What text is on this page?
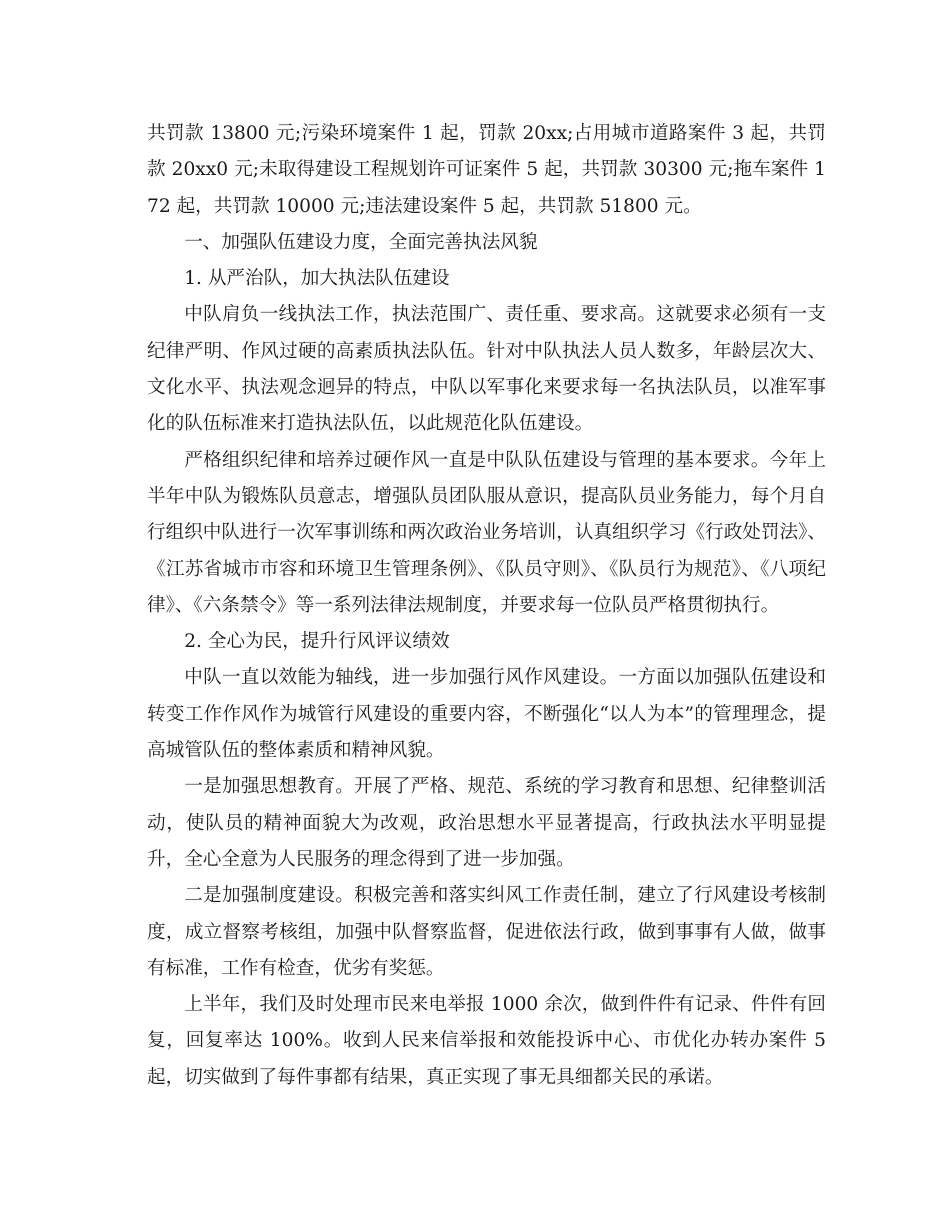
共罚款 13800 元;污染环境案件 1 起，罚款 20xx;占用城市道路案件 3 起，共罚款 20xx0 元;未取得建设工程规划许可证案件 5 起，共罚款 30300 元;拖车案件 172 起，共罚款 10000 元;违法建设案件 5 起，共罚款 51800 元。

一、加强队伍建设力度，全面完善执法风貌

1. 从严治队，加大执法队伍建设

中队肩负一线执法工作，执法范围广、责任重、要求高。这就要求必须有一支纪律严明、作风过硬的高素质执法队伍。针对中队执法人员人数多，年龄层次大、文化水平、执法观念迥异的特点，中队以军事化来要求每一名执法队员，以准军事化的队伍标准来打造执法队伍，以此规范化队伍建设。

严格组织纪律和培养过硬作风一直是中队队伍建设与管理的基本要求。今年上半年中队为锻炼队员意志，增强队员团队服从意识，提高队员业务能力，每个月自行组织中队进行一次军事训练和两次政治业务培训，认真组织学习《行政处罚法》、《江苏省城市市容和环境卫生管理条例》、《队员守则》、《队员行为规范》、《八项纪律》、《六条禁令》等一系列法律法规制度，并要求每一位队员严格贯彻执行。

2. 全心为民，提升行风评议绩效

中队一直以效能为轴线，进一步加强行风作风建设。一方面以加强队伍建设和转变工作作风作为城管行风建设的重要内容，不断强化“以人为本”的管理理念，提高城管队伍的整体素质和精神风貌。

一是加强思想教育。开展了严格、规范、系统的学习教育和思想、纪律整训活动，使队员的精神面貌大为改观，政治思想水平显著提高，行政执法水平明显提升，全心全意为人民服务的理念得到了进一步加强。

二是加强制度建设。积极完善和落实纠风工作责任制，建立了行风建设考核制度，成立督察考核组，加强中队督察监督，促进依法行政，做到事事有人做，做事有标准，工作有检查，优劣有奖惩。

上半年，我们及时处理市民来电举报 1000 余次，做到件件有记录、件件有回复，回复率达 100%。收到人民来信举报和效能投诉中心、市优化办转办案件 5 起，切实做到了每件事都有结果，真正实现了事无具细都关民的承诺。
